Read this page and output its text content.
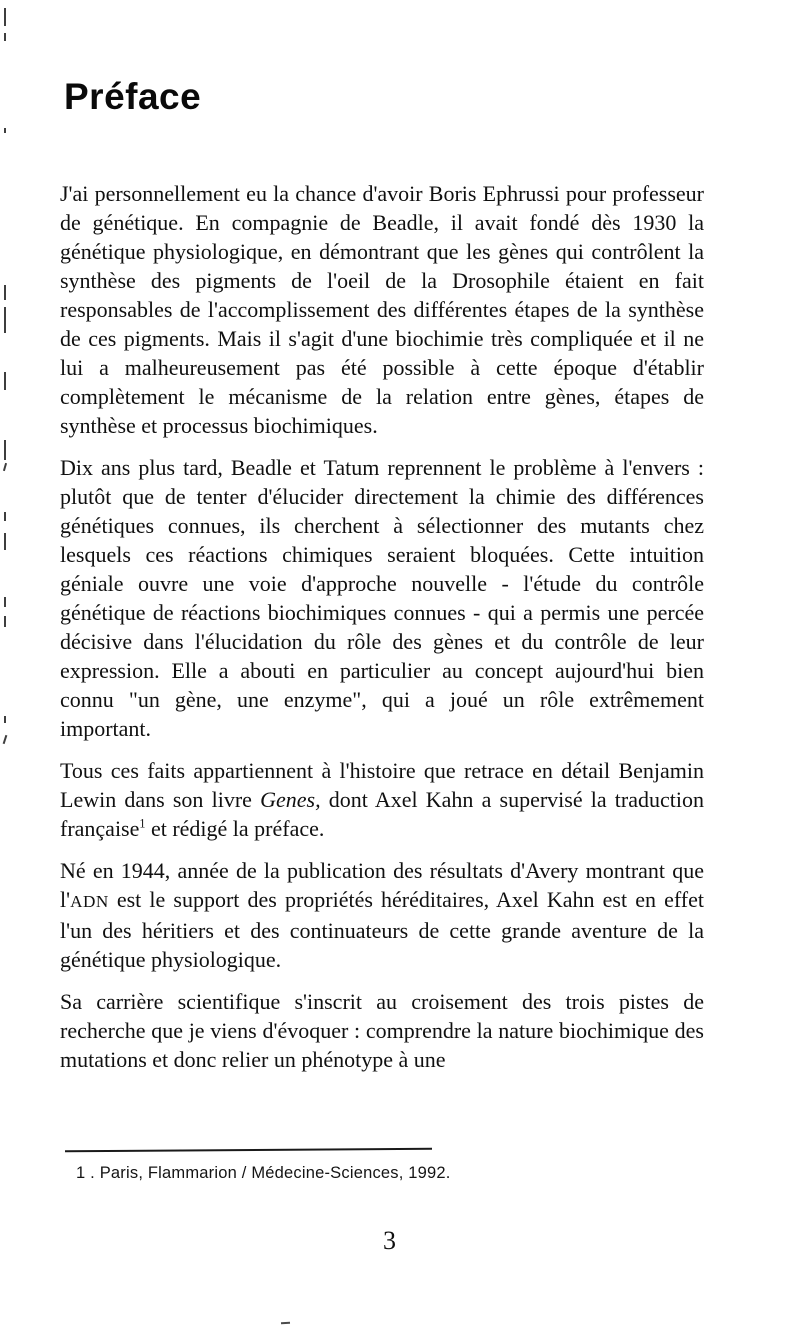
Préface

J'ai personnellement eu la chance d'avoir Boris Ephrussi pour professeur de génétique. En compagnie de Beadle, il avait fondé dès 1930 la génétique physiologique, en démontrant que les gènes qui contrôlent la synthèse des pigments de l'oeil de la Drosophile étaient en fait responsables de l'accomplissement des différentes étapes de la synthèse de ces pigments. Mais il s'agit d'une biochimie très compliquée et il ne lui a malheureusement pas été possible à cette époque d'établir complètement le mécanisme de la relation entre gènes, étapes de synthèse et processus biochimiques.

Dix ans plus tard, Beadle et Tatum reprennent le problème à l'envers : plutôt que de tenter d'élucider directement la chimie des différences génétiques connues, ils cherchent à sélectionner des mutants chez lesquels ces réactions chimiques seraient bloquées. Cette intuition géniale ouvre une voie d'approche nouvelle - l'étude du contrôle génétique de réactions biochimiques connues - qui a permis une percée décisive dans l'élucidation du rôle des gènes et du contrôle de leur expression. Elle a abouti en particulier au concept aujourd'hui bien connu "un gène, une enzyme", qui a joué un rôle extrêmement important.

Tous ces faits appartiennent à l'histoire que retrace en détail Benjamin Lewin dans son livre Genes, dont Axel Kahn a supervisé la traduction française$^1$ et rédigé la préface.

Né en 1944, année de la publication des résultats d'Avery montrant que l'ADN est le support des propriétés héréditaires, Axel Kahn est en effet l'un des héritiers et des continuateurs de cette grande aventure de la génétique physiologique.

Sa carrière scientifique s'inscrit au croisement des trois pistes de recherche que je viens d'évoquer : comprendre la nature biochimique des mutations et donc relier un phénotype à une

1 . Paris, Flammarion / Médecine-Sciences, 1992.
3
